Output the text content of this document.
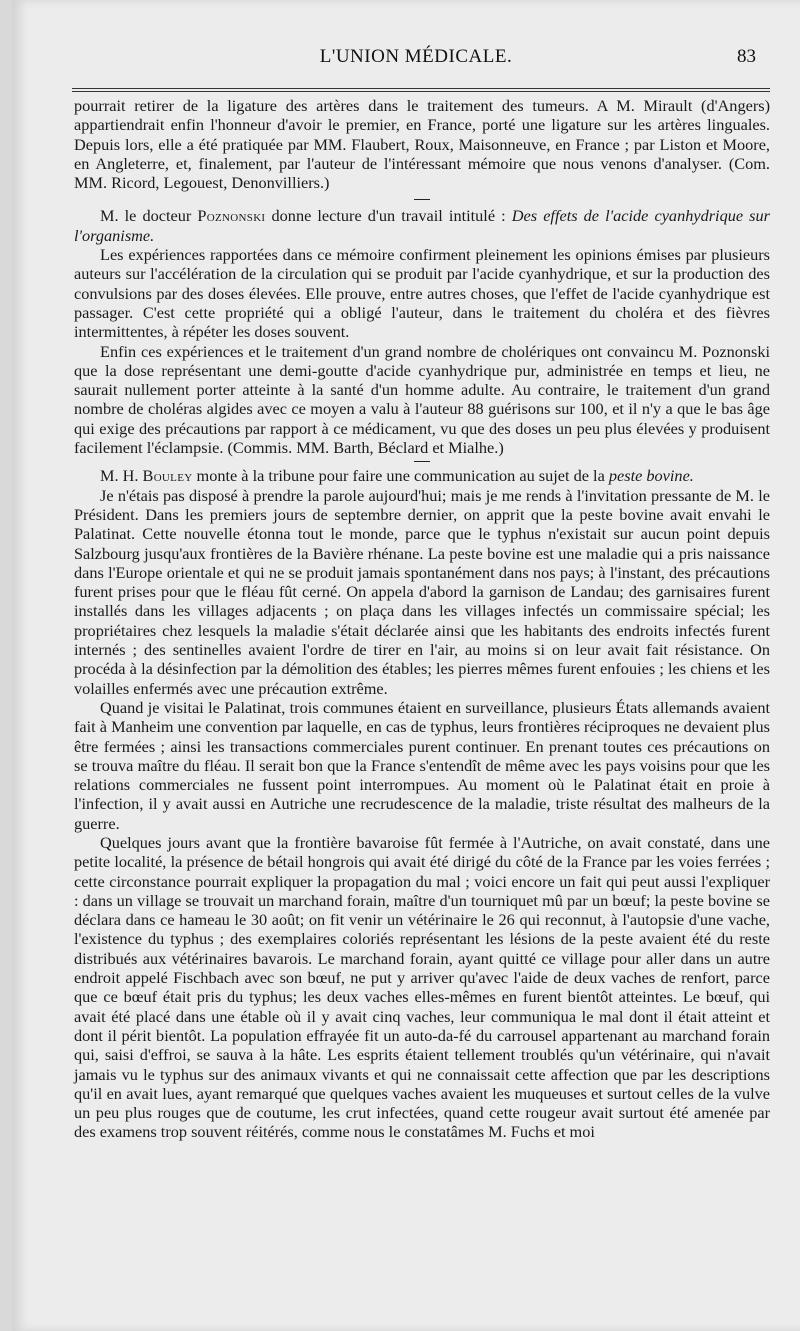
L'UNION MÉDICALE.	83

pourrait retirer de la ligature des artères dans le traitement des tumeurs. A M. Mirault (d'Angers) appartiendrait enfin l'honneur d'avoir le premier, en France, porté une ligature sur les artères linguales. Depuis lors, elle a été pratiquée par MM. Flaubert, Roux, Maisonneuve, en France ; par Liston et Moore, en Angleterre, et, finalement, par l'auteur de l'intéressant mémoire que nous venons d'analyser. (Com. MM. Ricord, Legouest, Denonvilliers.)

M. le docteur Poznonski donne lecture d'un travail intitulé : Des effets de l'acide cyanhydrique sur l'organisme.

Les expériences rapportées dans ce mémoire confirment pleinement les opinions émises par plusieurs auteurs sur l'accélération de la circulation qui se produit par l'acide cyanhydrique, et sur la production des convulsions par des doses élevées. Elle prouve, entre autres choses, que l'effet de l'acide cyanhydrique est passager. C'est cette propriété qui a obligé l'auteur, dans le traitement du choléra et des fièvres intermittentes, à répéter les doses souvent.

Enfin ces expériences et le traitement d'un grand nombre de cholériques ont convaincu M. Poznonski que la dose représentant une demi-goutte d'acide cyanhydrique pur, administrée en temps et lieu, ne saurait nullement porter atteinte à la santé d'un homme adulte. Au contraire, le traitement d'un grand nombre de choléras algides avec ce moyen a valu à l'auteur 88 guérisons sur 100, et il n'y a que le bas âge qui exige des précautions par rapport à ce médicament, vu que des doses un peu plus élevées y produisent facilement l'éclampsie. (Commis. MM. Barth, Béclard et Mialhe.)

M. H. Bouley monte à la tribune pour faire une communication au sujet de la peste bovine.

Je n'étais pas disposé à prendre la parole aujourd'hui; mais je me rends à l'invitation pressante de M. le Président. Dans les premiers jours de septembre dernier, on apprit que la peste bovine avait envahi le Palatinat. Cette nouvelle étonna tout le monde, parce que le typhus n'existait sur aucun point depuis Salzbourg jusqu'aux frontières de la Bavière rhénane. La peste bovine est une maladie qui a pris naissance dans l'Europe orientale et qui ne se produit jamais spontanément dans nos pays; à l'instant, des précautions furent prises pour que le fléau fût cerné. On appela d'abord la garnison de Landau; des garnisaires furent installés dans les villages adjacents ; on plaça dans les villages infectés un commissaire spécial; les propriétaires chez lesquels la maladie s'était déclarée ainsi que les habitants des endroits infectés furent internés ; des sentinelles avaient l'ordre de tirer en l'air, au moins si on leur avait fait résistance. On procéda à la désinfection par la démolition des étables; les pierres mêmes furent enfouies ; les chiens et les volailles enfermés avec une précaution extrême.

Quand je visitai le Palatinat, trois communes étaient en surveillance, plusieurs États allemands avaient fait à Manheim une convention par laquelle, en cas de typhus, leurs frontières réciproques ne devaient plus être fermées ; ainsi les transactions commerciales purent continuer. En prenant toutes ces précautions on se trouva maître du fléau. Il serait bon que la France s'entendît de même avec les pays voisins pour que les relations commerciales ne fussent point interrompues. Au moment où le Palatinat était en proie à l'infection, il y avait aussi en Autriche une recrudescence de la maladie, triste résultat des malheurs de la guerre.

Quelques jours avant que la frontière bavaroise fût fermée à l'Autriche, on avait constaté, dans une petite localité, la présence de bétail hongrois qui avait été dirigé du côté de la France par les voies ferrées ; cette circonstance pourrait expliquer la propagation du mal ; voici encore un fait qui peut aussi l'expliquer : dans un village se trouvait un marchand forain, maître d'un tourniquet mû par un bœuf; la peste bovine se déclara dans ce hameau le 30 août; on fit venir un vétérinaire le 26 qui reconnut, à l'autopsie d'une vache, l'existence du typhus ; des exemplaires coloriés représentant les lésions de la peste avaient été du reste distribués aux vétérinaires bavarois. Le marchand forain, ayant quitté ce village pour aller dans un autre endroit appelé Fischbach avec son bœuf, ne put y arriver qu'avec l'aide de deux vaches de renfort, parce que ce bœuf était pris du typhus; les deux vaches elles-mêmes en furent bientôt atteintes. Le bœuf, qui avait été placé dans une étable où il y avait cinq vaches, leur communiqua le mal dont il était atteint et dont il périt bientôt. La population effrayée fit un auto-da-fé du carrousel appartenant au marchand forain qui, saisi d'effroi, se sauva à la hâte. Les esprits étaient tellement troublés qu'un vétérinaire, qui n'avait jamais vu le typhus sur des animaux vivants et qui ne connaissait cette affection que par les descriptions qu'il en avait lues, ayant remarqué que quelques vaches avaient les muqueuses et surtout celles de la vulve un peu plus rouges que de coutume, les crut infectées, quand cette rougeur avait surtout été amenée par des examens trop souvent réitérés, comme nous le constatâmes M. Fuchs et moi
